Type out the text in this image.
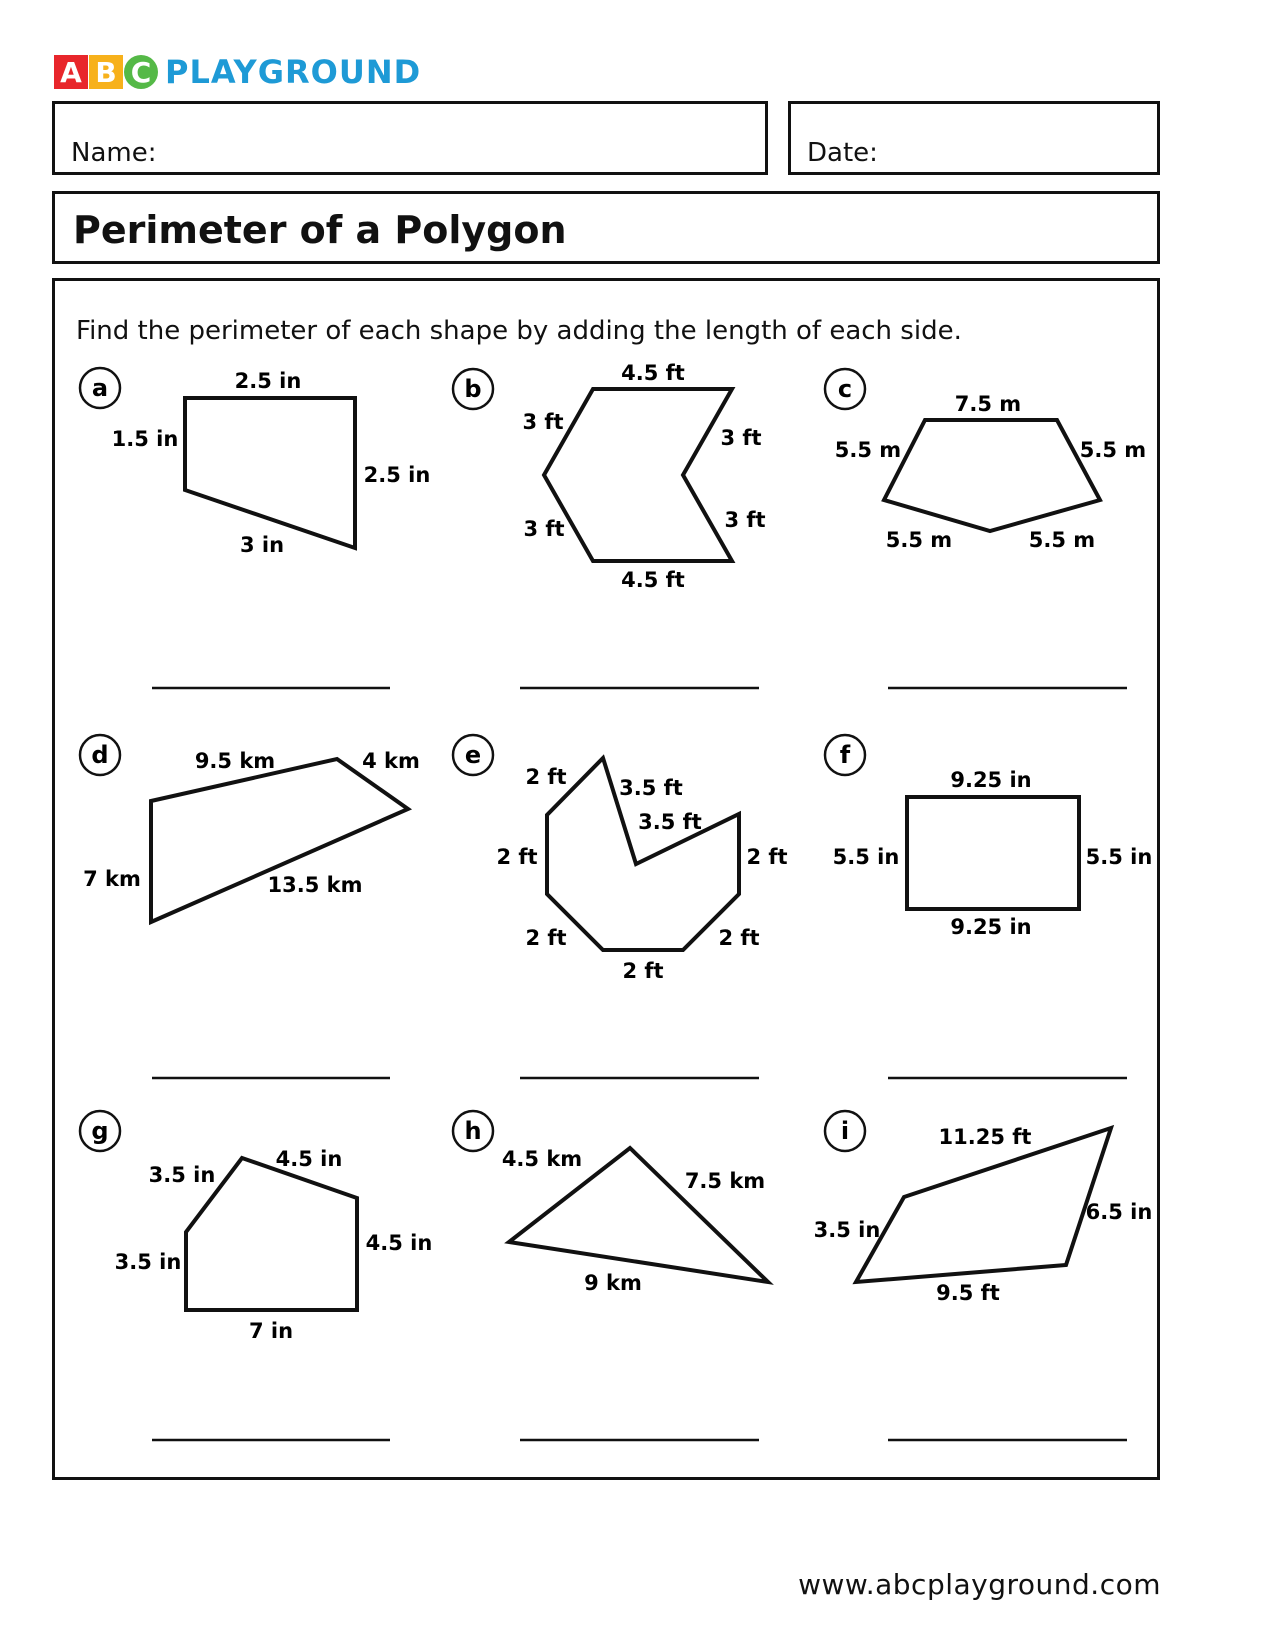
A B C PLAYGROUND
Name:	Date:
Perimeter of a Polygon
Find the perimeter of each shape by adding the length of each side.
a	2.5 in
1.5 in
2.5 in
3 in
b
4.5 ft
3 ft
3 ft
3 ft	3 ft
4.5 ft
c
7.5 m
5.5 m	5.5 m
5.5 m	5.5 m
d	9.5 km	4 km
7 km	13.5 km
e
2 ft	3.5 ft
3.5 ft
2 ft	2 ft
2 ft	2 ft
2 ft
f
9.25 in
5.5 in	5.5 in
9.25 in
g
4.5 in
3.5 in
3.5 in
4.5 in
7 in
h
4.5 km
7.5 km
9 km
i	11.25 ft
3.5 in
6.5 in
9.5 ft
www.abcplayground.com
